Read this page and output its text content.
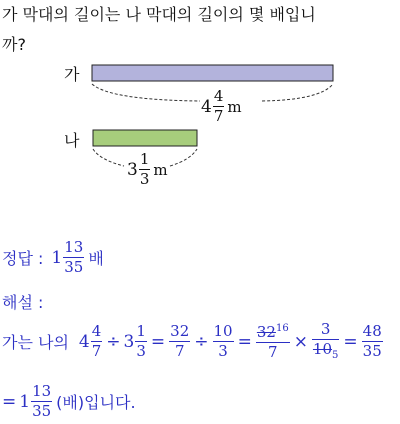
가 막대의 길이는 나 막대의 길이의 몇 배입니
까?
가
나
$4 \frac{4}{7}$ m
$3 \frac{1}{3}$ m
정답 : $1 \frac{13}{35}$ 배
해설 :
가는 나의 $4 \frac{4}{7} \div 3 \frac{1}{3} = \frac{32}{7} \div \frac{10}{3} = \frac{32^{16}}{7} \times \frac{3}{10_5} = \frac{48}{35}$
= $1 \frac{13}{35}$ (배)입니다.
